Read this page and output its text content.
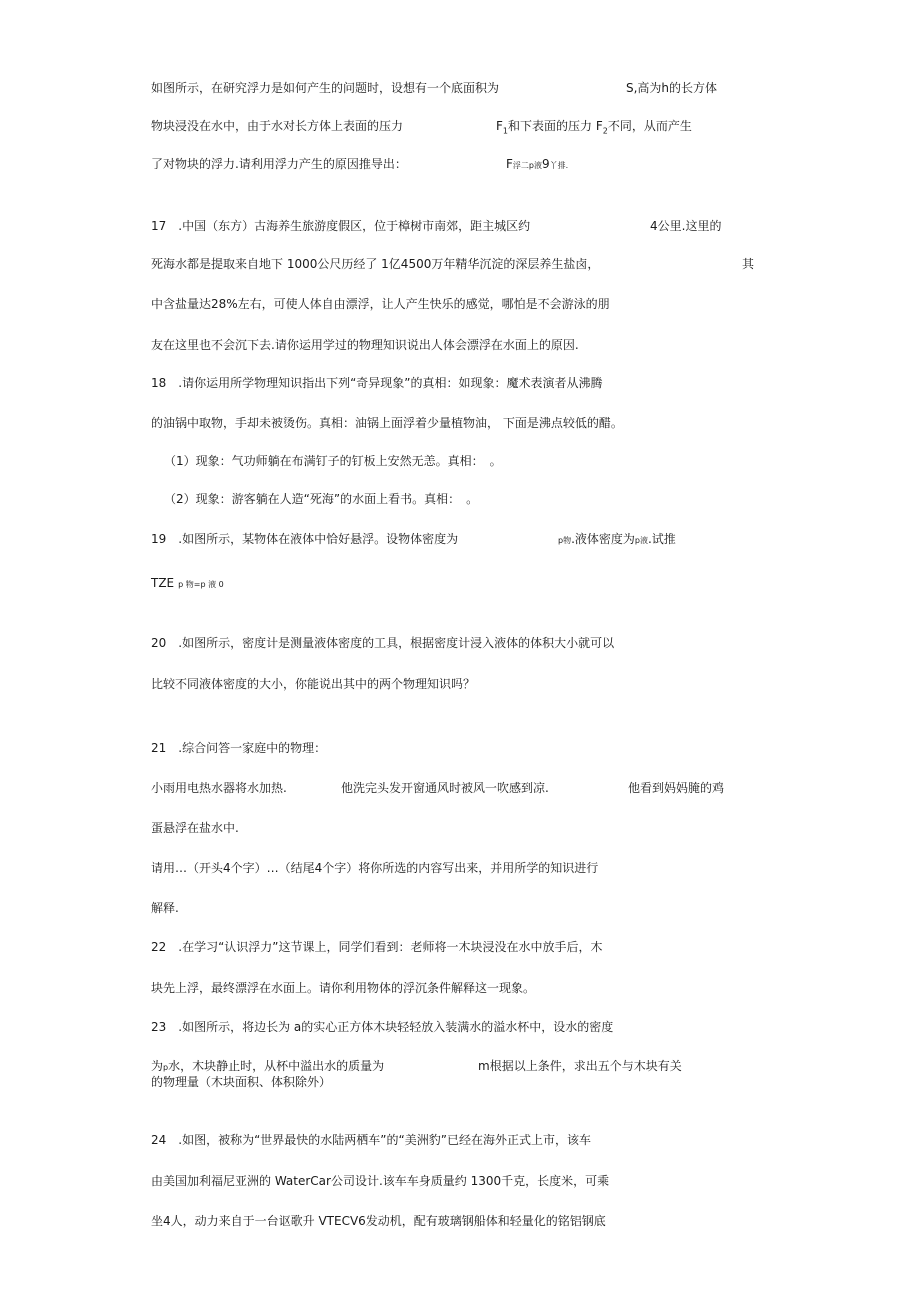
如图所示，在研究浮力是如何产生的问题时，设想有一个底面积为	S,高为h的长方体
物块浸没在水中，由于水对长方体上表面的压力	$F_1$和下表面的压力 $F_2$不同，从而产生
了对物块的浮力.请利用浮力产生的原因推导出：	F浮二p液9丫排.
17　.中国（东方）古海养生旅游度假区，位于樟树市南郊，距主城区约	4公里.这里的
死海水都是提取来自地下 1000公尺历经了 1亿4500万年精华沉淀的深层养生盐卤，	其
中含盐量达28%左右，可使人体自由漂浮，让人产生快乐的感觉，哪怕是不会游泳的朋
友在这里也不会沉下去.请你运用学过的物理知识说出人体会漂浮在水面上的原因.
18　.请你运用所学物理知识指出下列“奇异现象”的真相：如现象：魔术表演者从沸腾
的油锅中取物，手却未被烫伤。真相：油锅上面浮着少量植物油， 下面是沸点较低的醋。
（1）现象：气功师躺在布满钉子的钉板上安然无恙。真相：　。
（2）现象：游客躺在人造“死海”的水面上看书。真相：　。
19　.如图所示，某物体在液体中恰好悬浮。设物体密度为	p物.液体密度为p液.试推
TZE p 物=p 液 0
20　.如图所示，密度计是测量液体密度的工具，根据密度计浸入液体的体积大小就可以
比较不同液体密度的大小，你能说出其中的两个物理知识吗？
21　.综合问答一家庭中的物理：
小雨用电热水器将水加热.	他洗完头发开窗通风时被风一吹感到凉.	他看到妈妈腌的鸡
蛋悬浮在盐水中.
请用…（开头4个字）…（结尾4个字）将你所选的内容写出来，并用所学的知识进行
解释.
22　.在学习“认识浮力”这节课上，同学们看到：老师将一木块浸没在水中放手后，木
块先上浮，最终漂浮在水面上。请你利用物体的浮沉条件解释这一现象。
23　.如图所示，将边长为 a的实心正方体木块轻轻放入装满水的溢水杯中，设水的密度
为p水，木块静止时，从杯中溢出水的质量为	m根据以上条件，求出五个与木块有关
的物理量（木块面积、体积除外）
24　.如图，被称为“世界最快的水陆两栖车”的“美洲豹”已经在海外正式上市，该车
由美国加利福尼亚洲的 WaterCar公司设计.该车车身质量约 1300千克，长度米，可乘
坐4人，动力来自于一台讴歌升 VTECV6发动机，配有玻璃钢船体和轻量化的铭铝钢底
